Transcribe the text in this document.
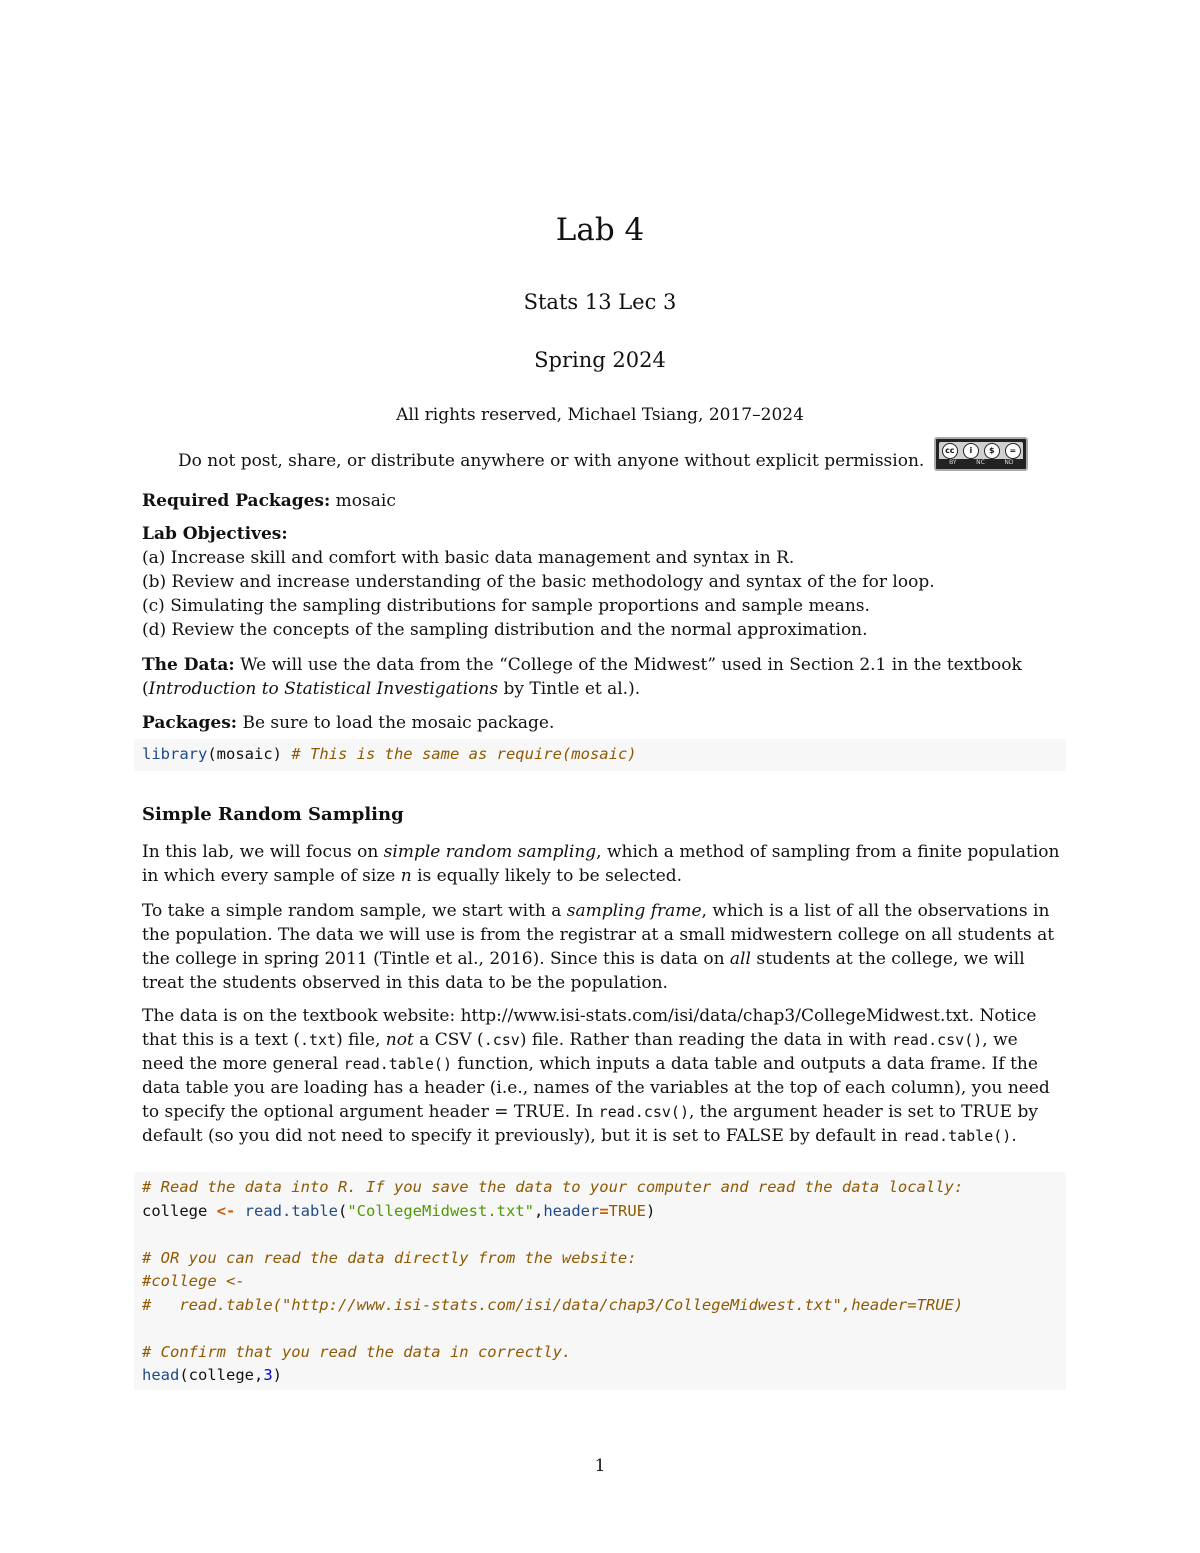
Lab 4
Stats 13 Lec 3
Spring 2024
All rights reserved, Michael Tsiang, 2017–2024
Do not post, share, or distribute anywhere or with anyone without explicit permission.
cc	i	$	=
BY	NC	ND
Required Packages: mosaic
Lab Objectives:
(a) Increase skill and comfort with basic data management and syntax in R.
(b) Review and increase understanding of the basic methodology and syntax of the for loop.
(c) Simulating the sampling distributions for sample proportions and sample means.
(d) Review the concepts of the sampling distribution and the normal approximation.
The Data: We will use the data from the “College of the Midwest” used in Section 2.1 in the textbook (Introduction to Statistical Investigations by Tintle et al.).
Packages: Be sure to load the mosaic package.
library(mosaic) # This is the same as require(mosaic)
Simple Random Sampling
In this lab, we will focus on simple random sampling, which a method of sampling from a finite population in which every sample of size n is equally likely to be selected.
To take a simple random sample, we start with a sampling frame, which is a list of all the observations in the population. The data we will use is from the registrar at a small midwestern college on all students at the college in spring 2011 (Tintle et al., 2016). Since this is data on all students at the college, we will treat the students observed in this data to be the population.
The data is on the textbook website: http://www.isi-stats.com/isi/data/chap3/CollegeMidwest.txt. Notice that this is a text (.txt) file, not a CSV (.csv) file. Rather than reading the data in with read.csv(), we need the more general read.table() function, which inputs a data table and outputs a data frame. If the data table you are loading has a header (i.e., names of the variables at the top of each column), you need to specify the optional argument header = TRUE. In read.csv(), the argument header is set to TRUE by default (so you did not need to specify it previously), but it is set to FALSE by default in read.table().
# Read the data into R. If you save the data to your computer and read the data locally:
college <- read.table("CollegeMidwest.txt",header=TRUE)

# OR you can read the data directly from the website:
#college <-
#   read.table("http://www.isi-stats.com/isi/data/chap3/CollegeMidwest.txt",header=TRUE)

# Confirm that you read the data in correctly.
head(college,3)
1
